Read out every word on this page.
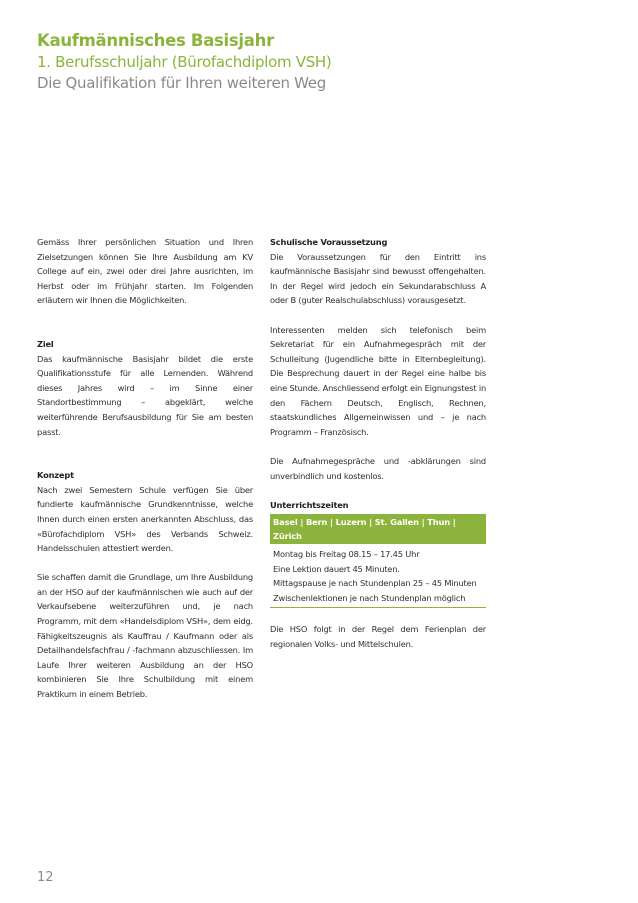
Kaufmännisches Basisjahr
1. Berufsschuljahr (Bürofachdiplom VSH)
Die Qualifikation für Ihren weiteren Weg

Gemäss Ihrer persönlichen Situation und Ihren Zielsetzungen können Sie Ihre Ausbildung am KV College auf ein, zwei oder drei Jahre ausrichten, im Herbst oder im Frühjahr starten. Im Folgenden erläutern wir Ihnen die Möglichkeiten.

Ziel

Das kaufmännische Basisjahr bildet die erste Qualifikationsstufe für alle Lernenden. Während dieses Jahres wird – im Sinne einer Standortbestimmung – abgeklärt, welche weiterführende Berufsausbildung für Sie am besten passt.

Konzept

Nach zwei Semestern Schule verfügen Sie über fundierte kaufmännische Grundkenntnisse, welche Ihnen durch einen ersten anerkannten Abschluss, das «Bürofachdiplom VSH» des Verbands Schweiz. Handelsschulen attestiert werden.

Sie schaffen damit die Grundlage, um Ihre Ausbildung an der HSO auf der kaufmännischen wie auch auf der Verkaufsebene weiterzuführen und, je nach Programm, mit dem «Handelsdiplom VSH», dem eidg. Fähigkeitszeugnis als Kauffrau / Kaufmann oder als Detailhandelsfachfrau / -fachmann abzuschliessen. Im Laufe Ihrer weiteren Ausbildung an der HSO kombinieren Sie Ihre Schulbildung mit einem Praktikum in einem Betrieb.

Schulische Voraussetzung

Die Voraussetzungen für den Eintritt ins kaufmännische Basisjahr sind bewusst offengehalten. In der Regel wird jedoch ein Sekundarabschluss A oder B (guter Realschulabschluss) vorausgesetzt.

Interessenten melden sich telefonisch beim Sekretariat für ein Aufnahmegespräch mit der Schulleitung (Jugendliche bitte in Elternbegleitung). Die Besprechung dauert in der Regel eine halbe bis eine Stunde. Anschliessend erfolgt ein Eignungstest in den Fächern Deutsch, Englisch, Rechnen, staatskundliches Allgemeinwissen und – je nach Programm – Französisch.

Die Aufnahmegespräche und -abklärungen sind unverbindlich und kostenlos.

Unterrichtszeiten

Basel | Bern | Luzern | St. Gallen | Thun | Zürich
Montag bis Freitag 08.15 – 17.45 Uhr
Eine Lektion dauert 45 Minuten.
Mittagspause je nach Stundenplan 25 – 45 Minuten
Zwischenlektionen je nach Stundenplan möglich

Die HSO folgt in der Regel dem Ferienplan der regionalen Volks- und Mittelschulen.

12
